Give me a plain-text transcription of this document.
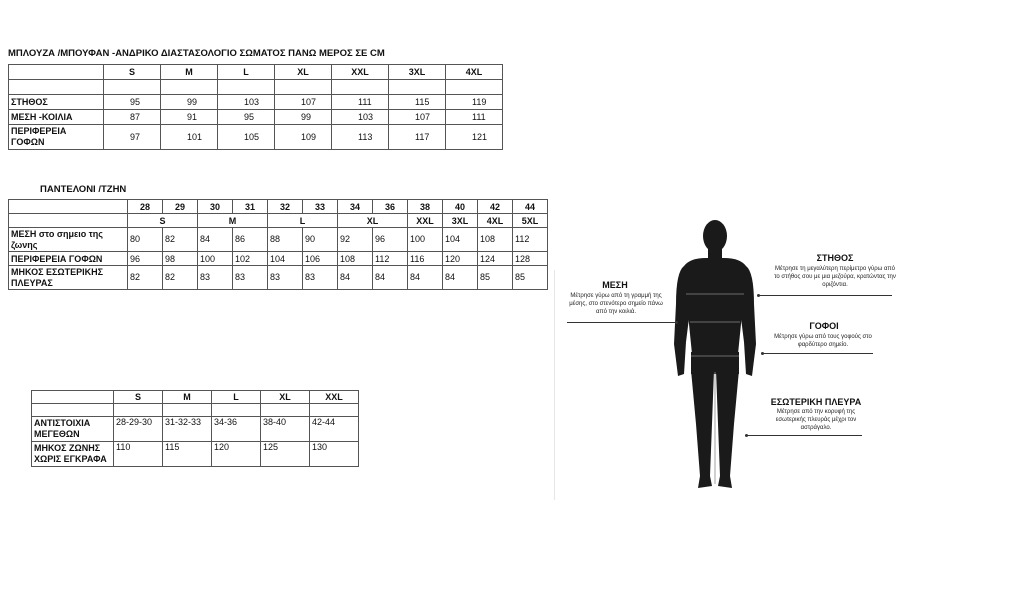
ΜΠΛΟΥΖΑ /ΜΠΟΥΦΑΝ -ΑΝΔΡΙΚΟ ΔΙΑΣΤΑΣΟΛΟΓΙΟ ΣΩΜΑΤΟΣ ΠΑΝΩ ΜΕΡΟΣ ΣΕ CM
	S	M	L	XL	XXL	3XL	4XL

ΣΤΗΘΟΣ	95	99	103	107	111	115	119
ΜΕΣΗ -ΚΟΙΛΙΑ	87	91	95	99	103	107	111
ΠΕΡΙΦΕΡΕΙΑ ΓΟΦΩΝ	97	101	105	109	113	117	121
ΠΑΝΤΕΛΟΝΙ /ΤΖΗΝ
	28	29	30	31	32	33	34	36	38	40	42	44
	S		M		L		XL		XXL	3XL	4XL	5XL
ΜΕΣΗ στο σημειο της ζωνης	80	82	84	86	88	90	92	96	100	104	108	112
ΠΕΡΙΦΕΡΕΙΑ ΓΟΦΩΝ	96	98	100	102	104	106	108	112	116	120	124	128
ΜΗΚΟΣ ΕΣΩΤΕΡΙΚΗΣ ΠΛΕΥΡΑΣ	82	82	83	83	83	83	84	84	84	84	85	85
	S	M	L	XL	XXL

ΑΝΤΙΣΤΟΙΧΙΑ ΜΕΓΕΘΩΝ	28-29-30	31-32-33	34-36	38-40	42-44
ΜΗΚΟΣ ΖΩΝΗΣ ΧΩΡΙΣ ΕΓΚΡΑΦΑ	110	115	120	125	130
ΣΤΗΘΟΣ
Μέτρησε τη μεγαλύτερη περίμετρο γύρω από το στήθος σου με μια μεζούρα, κρατώντας την οριζόντια.
ΜΕΣΗ
Μέτρησε γύρω από τη γραμμή της μέσης, στο στενότερο σημείο πάνω από την κοιλιά.
ΓΟΦΟΙ
Μέτρησε γύρω από τους γοφούς στο φαρδύτερο σημείο.
ΕΣΩΤΕΡΙΚΗ ΠΛΕΥΡΑ
Μέτρησε από την κορυφή της εσωτερικής πλευράς μέχρι τον αστράγαλο.
